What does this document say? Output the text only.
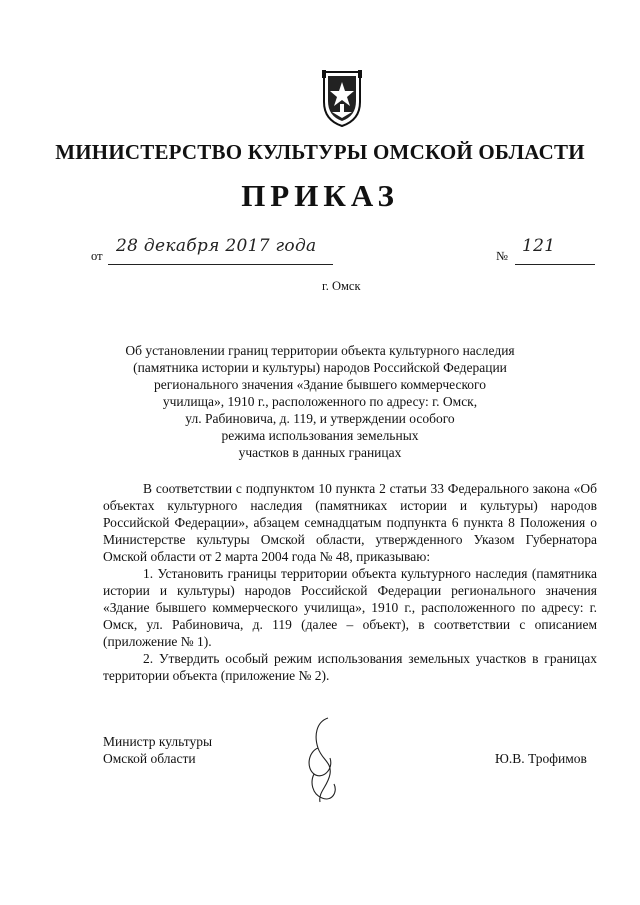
МИНИСТЕРСТВО КУЛЬТУРЫ ОМСКОЙ ОБЛАСТИ
ПРИКАЗ
от 28 декабря 2017 года	№ 121
г. Омск
Об установлении границ территории объекта культурного наследия
(памятника истории и культуры) народов Российской Федерации
регионального значения «Здание бывшего коммерческого
училища», 1910 г., расположенного по адресу: г. Омск,
ул. Рабиновича, д. 119, и утверждении особого
режима использования земельных
участков в данных границах

В соответствии с подпунктом 10 пункта 2 статьи 33 Федерального закона «Об объектах культурного наследия (памятниках истории и культуры) народов Российской Федерации», абзацем семнадцатым подпункта 6 пункта 8 Положения о Министерстве культуры Омской области, утвержденного Указом Губернатора Омской области от 2 марта 2004 года № 48, приказываю:

1. Установить границы территории объекта культурного наследия (памятника истории и культуры) народов Российской Федерации регионального значения «Здание бывшего коммерческого училища», 1910 г., расположенного по адресу: г. Омск, ул. Рабиновича, д. 119 (далее – объект), в соответствии с описанием (приложение № 1).

2. Утвердить особый режим использования земельных участков в границах территории объекта (приложение № 2).

Министр культуры
Омской области	Ю.В. Трофимов
